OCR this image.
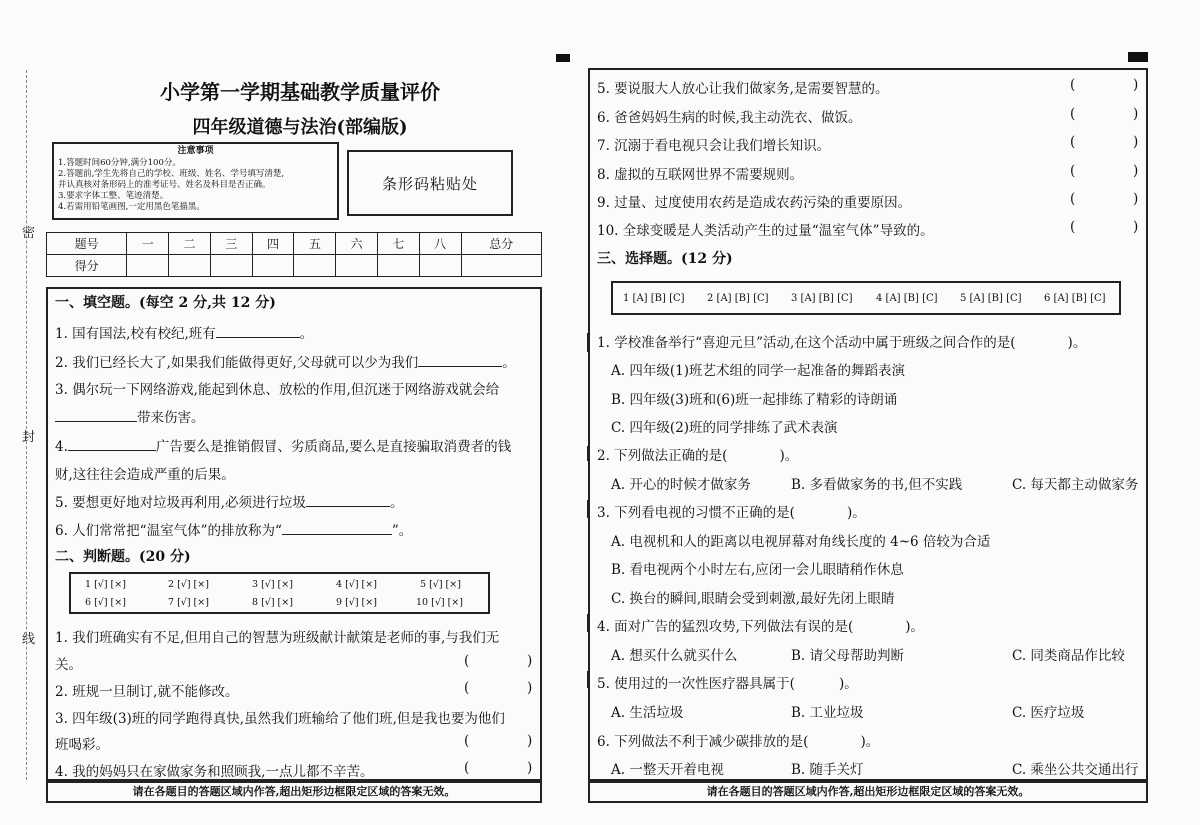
密
封
线
小学第一学期基础教学质量评价
四年级道德与法治(部编版)
注意事项
1.答题时间60分钟,满分100分。
2.答题前,学生先将自己的学校、班级、姓名、学号填写清楚,
并认真核对条形码上的准考证号、姓名及科目是否正确。
3.要求字体工整、笔迹清楚。
4.若需用铅笔画图,一定用黑色笔描黑。
条形码粘贴处
题号	一	二	三	四	五	六	七	八	总分
得分									
一、填空题。(每空 2 分,共 12 分)
1. 国有国法,校有校纪,班有	。
2. 我们已经长大了,如果我们能做得更好,父母就可以少为我们	。
3. 偶尔玩一下网络游戏,能起到休息、放松的作用,但沉迷于网络游戏就会给
带来伤害。
4.	广告要么是推销假冒、劣质商品,要么是直接骗取消费者的钱
财,这往往会造成严重的后果。
5. 要想更好地对垃圾再利用,必须进行垃圾	。
6. 人们常常把“温室气体”的排放称为“	”。
二、判断题。(20 分)
1 [√] [×]	2 [√] [×]	3 [√] [×]	4 [√] [×]	5 [√] [×]
6 [√] [×]	7 [√] [×]	8 [√] [×]	9 [√] [×]	10 [√] [×]
1. 我们班确实有不足,但用自己的智慧为班级献计献策是老师的事,与我们无
关。	(	)
2. 班规一旦制订,就不能修改。	(	)
3. 四年级(3)班的同学跑得真快,虽然我们班输给了他们班,但是我也要为他们
班喝彩。	(	)
4. 我的妈妈只在家做家务和照顾我,一点儿都不辛苦。	(	)
请在各题目的答题区域内作答,超出矩形边框限定区域的答案无效。
5. 要说服大人放心让我们做家务,是需要智慧的。	(	)
6. 爸爸妈妈生病的时候,我主动洗衣、做饭。	(	)
7. 沉溺于看电视只会让我们增长知识。	(	)
8. 虚拟的互联网世界不需要规则。	(	)
9. 过量、过度使用农药是造成农药污染的重要原因。	(	)
10. 全球变暖是人类活动产生的过量“温室气体”导致的。	(	)
三、选择题。(12 分)
1 [A] [B] [C] 2 [A] [B] [C] 3 [A] [B] [C] 4 [A] [B] [C] 5 [A] [B] [C] 6 [A] [B] [C]
1. 学校准备举行“喜迎元旦”活动,在这个活动中属于班级之间合作的是(	)。
A. 四年级(1)班艺术组的同学一起准备的舞蹈表演
B. 四年级(3)班和(6)班一起排练了精彩的诗朗诵
C. 四年级(2)班的同学排练了武术表演
2. 下列做法正确的是(	)。
A. 开心的时候才做家务	B. 多看做家务的书,但不实践	C. 每天都主动做家务
3. 下列看电视的习惯不正确的是(	)。
A. 电视机和人的距离以电视屏幕对角线长度的 4~6 倍较为合适
B. 看电视两个小时左右,应闭一会儿眼睛稍作休息
C. 换台的瞬间,眼睛会受到刺激,最好先闭上眼睛
4. 面对广告的猛烈攻势,下列做法有误的是(	)。
A. 想买什么就买什么	B. 请父母帮助判断	C. 同类商品作比较
5. 使用过的一次性医疗器具属于(	)。
A. 生活垃圾	B. 工业垃圾	C. 医疗垃圾
6. 下列做法不利于减少碳排放的是(	)。
A. 一整天开着电视	B. 随手关灯	C. 乘坐公共交通出行
请在各题目的答题区域内作答,超出矩形边框限定区域的答案无效。
